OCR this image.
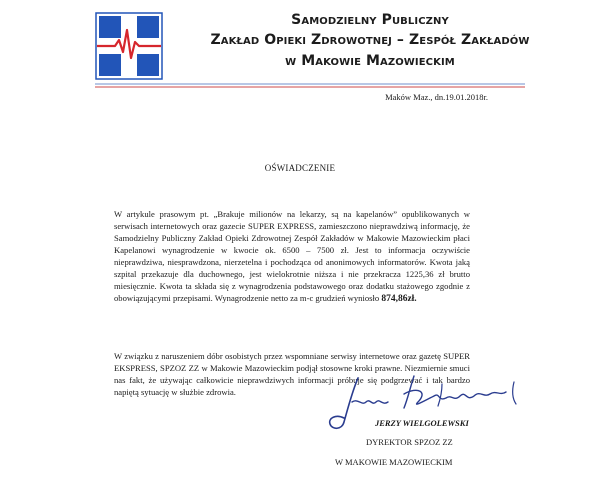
Samodzielny Publiczny
Zakład Opieki Zdrowotnej – Zespół Zakładów
w Makowie Mazowieckim
Maków Maz., dn.19.01.2018r.
OŚWIADCZENIE

W artykule prasowym pt. „Brakuje milionów na lekarzy, są na kapelanów” opublikowanych w serwisach internetowych oraz gazecie SUPER EXPRESS, zamieszczono nieprawdziwą informację, że Samodzielny Publiczny Zakład Opieki Zdrowotnej Zespół Zakładów w Makowie Mazowieckim płaci Kapelanowi wynagrodzenie w kwocie ok. 6500 – 7500 zł. Jest to informacja oczywiście nieprawdziwa, niesprawdzona, nierzetelna i pochodząca od anonimowych informatorów. Kwota jaką szpital przekazuje dla duchownego, jest wielokrotnie niższa i nie przekracza 1225,36 zł brutto miesięcznie. Kwota ta składa się z wynagrodzenia podstawowego oraz dodatku stażowego zgodnie z obowiązującymi przepisami. Wynagrodzenie netto za m-c grudzień wyniosło 874,86zł.

W związku z naruszeniem dóbr osobistych przez wspomniane serwisy internetowe oraz gazetę SUPER EKSPRESS, SPZOZ ZZ w Makowie Mazowieckim podjął stosowne kroki prawne. Niezmiernie smuci nas fakt, że używając całkowicie nieprawdziwych informacji próbuje się podgrzewać i tak bardzo napiętą sytuację w służbie zdrowia.

JERZY WIELGOLEWSKI
DYREKTOR SPZOZ ZZ
W MAKOWIE MAZOWIECKIM
